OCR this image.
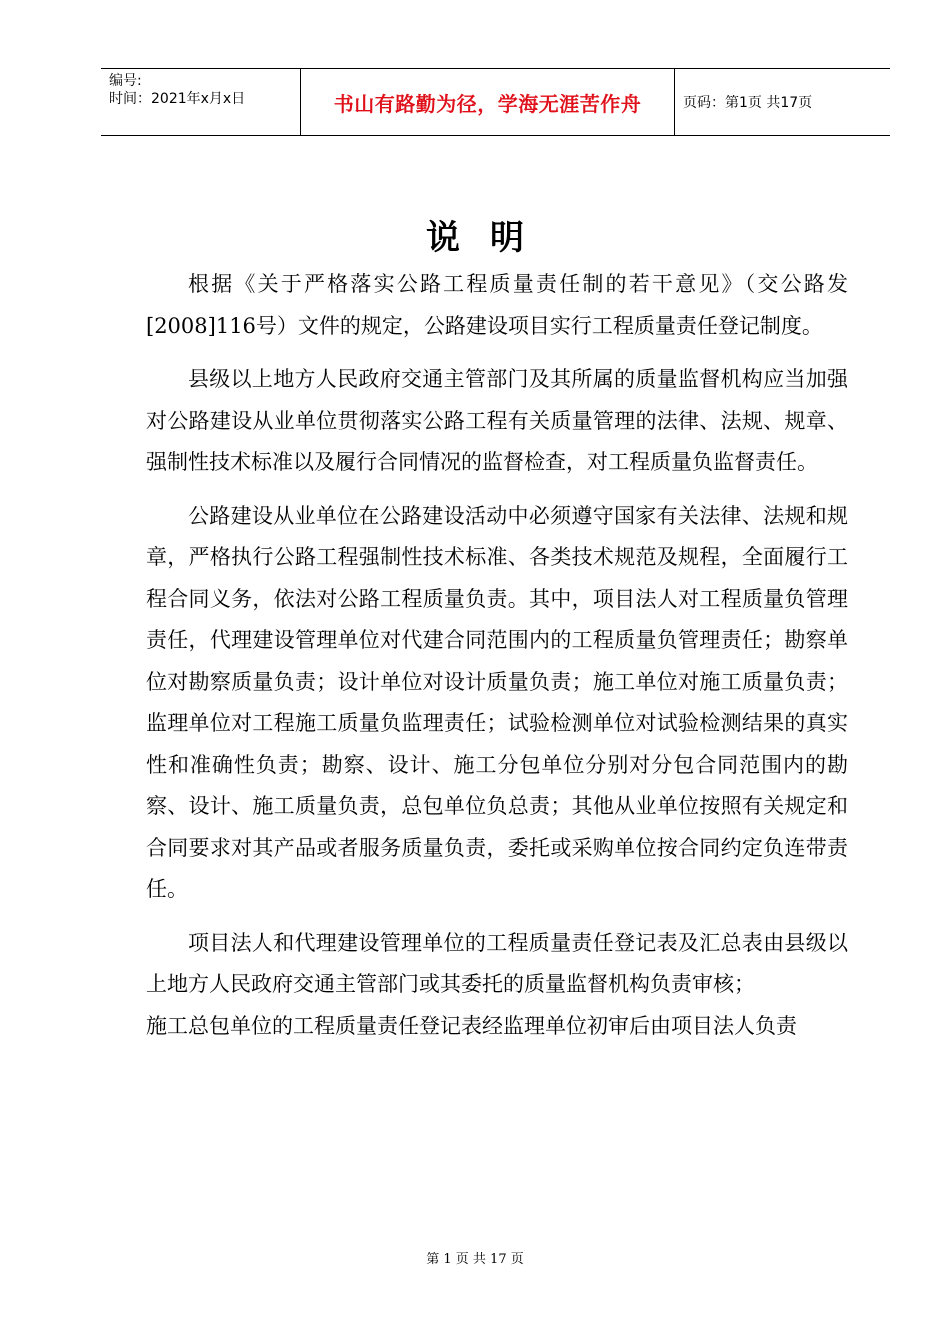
编号:
时间：2021年x月x日	书山有路勤为径，学海无涯苦作舟	页码：第1页 共17页
说明

根据《关于严格落实公路工程质量责任制的若干意见》（交公路发[2008]116号）文件的规定，公路建设项目实行工程质量责任登记制度。

县级以上地方人民政府交通主管部门及其所属的质量监督机构应当加强对公路建设从业单位贯彻落实公路工程有关质量管理的法律、法规、规章、强制性技术标准以及履行合同情况的监督检查，对工程质量负监督责任。

公路建设从业单位在公路建设活动中必须遵守国家有关法律、法规和规章，严格执行公路工程强制性技术标准、各类技术规范及规程，全面履行工程合同义务，依法对公路工程质量负责。其中，项目法人对工程质量负管理责任，代理建设管理单位对代建合同范围内的工程质量负管理责任；勘察单位对勘察质量负责；设计单位对设计质量负责；施工单位对施工质量负责；监理单位对工程施工质量负监理责任；试验检测单位对试验检测结果的真实性和准确性负责；勘察、设计、施工分包单位分别对分包合同范围内的勘察、设计、施工质量负责，总包单位负总责；其他从业单位按照有关规定和合同要求对其产品或者服务质量负责，委托或采购单位按合同约定负连带责任。

项目法人和代理建设管理单位的工程质量责任登记表及汇总表由县级以上地方人民政府交通主管部门或其委托的质量监督机构负责审核；

施工总包单位的工程质量责任登记表经监理单位初审后由项目法人负责

第 1 页 共 17 页
